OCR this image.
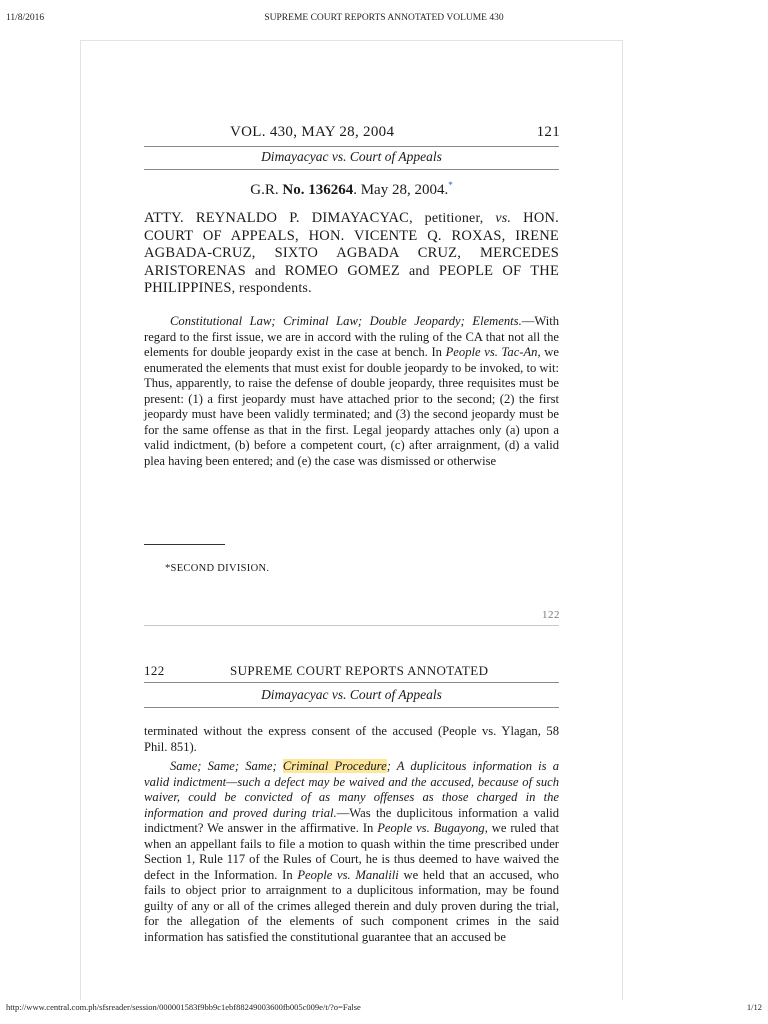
11/8/2016	SUPREME COURT REPORTS ANNOTATED VOLUME 430
VOL. 430, MAY 28, 2004	121
Dimayacyac vs. Court of Appeals
G.R. No. 136264. May 28, 2004.*
ATTY. REYNALDO P. DIMAYACYAC, petitioner, vs. HON. COURT OF APPEALS, HON. VICENTE Q. ROXAS, IRENE AGBADA-CRUZ, SIXTO AGBADA CRUZ, MERCEDES ARISTORENAS and ROMEO GOMEZ and PEOPLE OF THE PHILIPPINES, respondents.
Constitutional Law; Criminal Law; Double Jeopardy; Elements.—With regard to the first issue, we are in accord with the ruling of the CA that not all the elements for double jeopardy exist in the case at bench. In People vs. Tac-An, we enumerated the elements that must exist for double jeopardy to be invoked, to wit: Thus, apparently, to raise the defense of double jeopardy, three requisites must be present: (1) a first jeopardy must have attached prior to the second; (2) the first jeopardy must have been validly terminated; and (3) the second jeopardy must be for the same offense as that in the first. Legal jeopardy attaches only (a) upon a valid indictment, (b) before a competent court, (c) after arraignment, (d) a valid plea having been entered; and (e) the case was dismissed or otherwise
*SECOND DIVISION.
122
122	SUPREME COURT REPORTS ANNOTATED
Dimayacyac vs. Court of Appeals
terminated without the express consent of the accused (People vs. Ylagan, 58 Phil. 851).
Same; Same; Same; Criminal Procedure; A duplicitous information is a valid indictment—such a defect may be waived and the accused, because of such waiver, could be convicted of as many offenses as those charged in the information and proved during trial.—Was the duplicitous information a valid indictment? We answer in the affirmative. In People vs. Bugayong, we ruled that when an appellant fails to file a motion to quash within the time prescribed under Section 1, Rule 117 of the Rules of Court, he is thus deemed to have waived the defect in the Information. In People vs. Manalili we held that an accused, who fails to object prior to arraignment to a duplicitous information, may be found guilty of any or all of the crimes alleged therein and duly proven during the trial, for the allegation of the elements of such component crimes in the said information has satisfied the constitutional guarantee that an accused be
http://www.central.com.ph/sfsreader/session/000001583f9bb9c1ebf88249003600fb005c009e/t/?o=False	1/12
